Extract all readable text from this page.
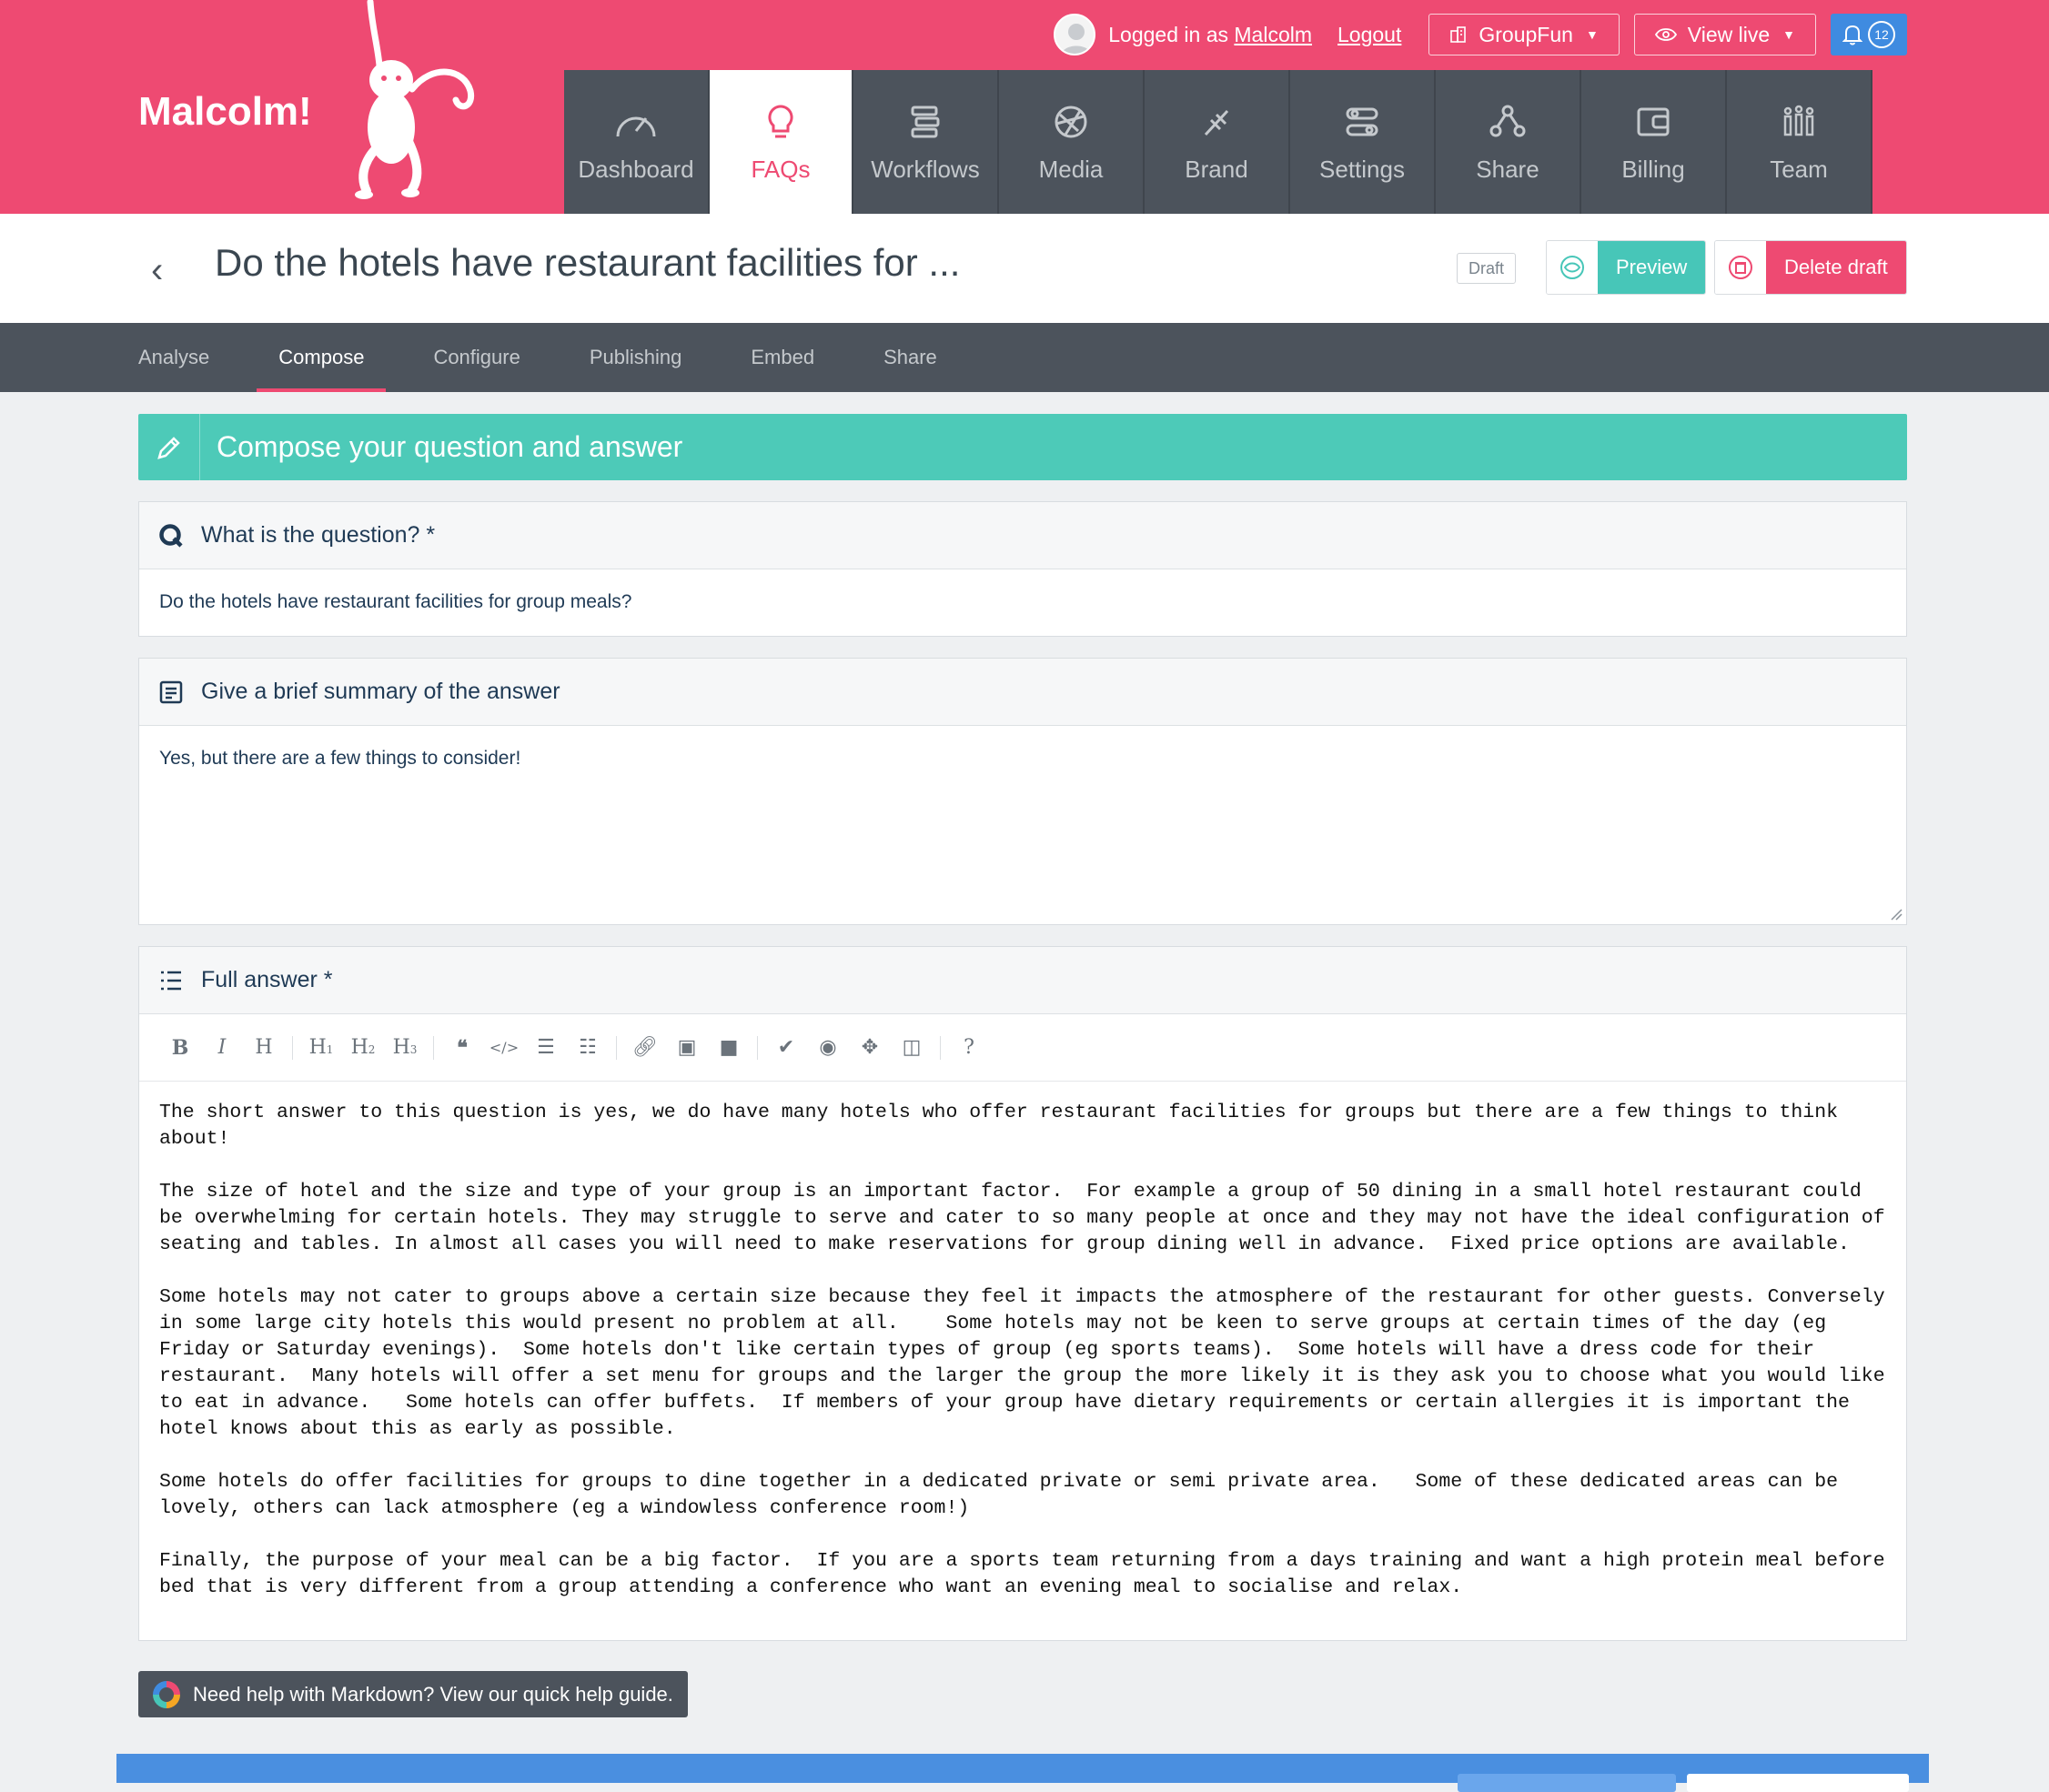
Malcolm!
Logged in as Malcolm Logout	GroupFun ▼	View live ▼	12
Dashboard FAQs	Workflows Media	Brand	Settings	Share	Billing	Team
‹ Do the hotels have restaurant facilities for ...	Draft	Preview	Delete draft
Analyse	Compose	Configure	Publishing	Embed	Share
Compose your question and answer
What is the question? *
Do the hotels have restaurant facilities for group meals?
Give a brief summary of the answer
Yes, but there are a few things to consider!
Full answer *
B	I	H	H1 H2 H3	❝	</> ☰	☷	🔗︎ ▣	■	✔	◉	✥	◫	?

The short answer to this question is yes, we do have many hotels who offer restaurant facilities for groups but there are a few things to think about!

The size of hotel and the size and type of your group is an important factor.  For example a group of 50 dining in a small hotel restaurant could be overwhelming for certain hotels. They may struggle to serve and cater to so many people at once and they may not have the ideal configuration of seating and tables. In almost all cases you will need to make reservations for group dining well in advance.  Fixed price options are available.

Some hotels may not cater to groups above a certain size because they feel it impacts the atmosphere of the restaurant for other guests. Conversely in some large city hotels this would present no problem at all.    Some hotels may not be keen to serve groups at certain times of the day (eg Friday or Saturday evenings).  Some hotels don't like certain types of group (eg sports teams).  Some hotels will have a dress code for their restaurant.  Many hotels will offer a set menu for groups and the larger the group the more likely it is they ask you to choose what you would like to eat in advance.   Some hotels can offer buffets.  If members of your group have dietary requirements or certain allergies it is important the hotel knows about this as early as possible.

Some hotels do offer facilities for groups to dine together in a dedicated private or semi private area.   Some of these dedicated areas can be lovely, others can lack atmosphere (eg a windowless conference room!)

Finally, the purpose of your meal can be a big factor.  If you are a sports team returning from a days training and want a high protein meal before bed that is very different from a group attending a conference who want an evening meal to socialise and relax.

Need help with Markdown? View our quick help guide.
